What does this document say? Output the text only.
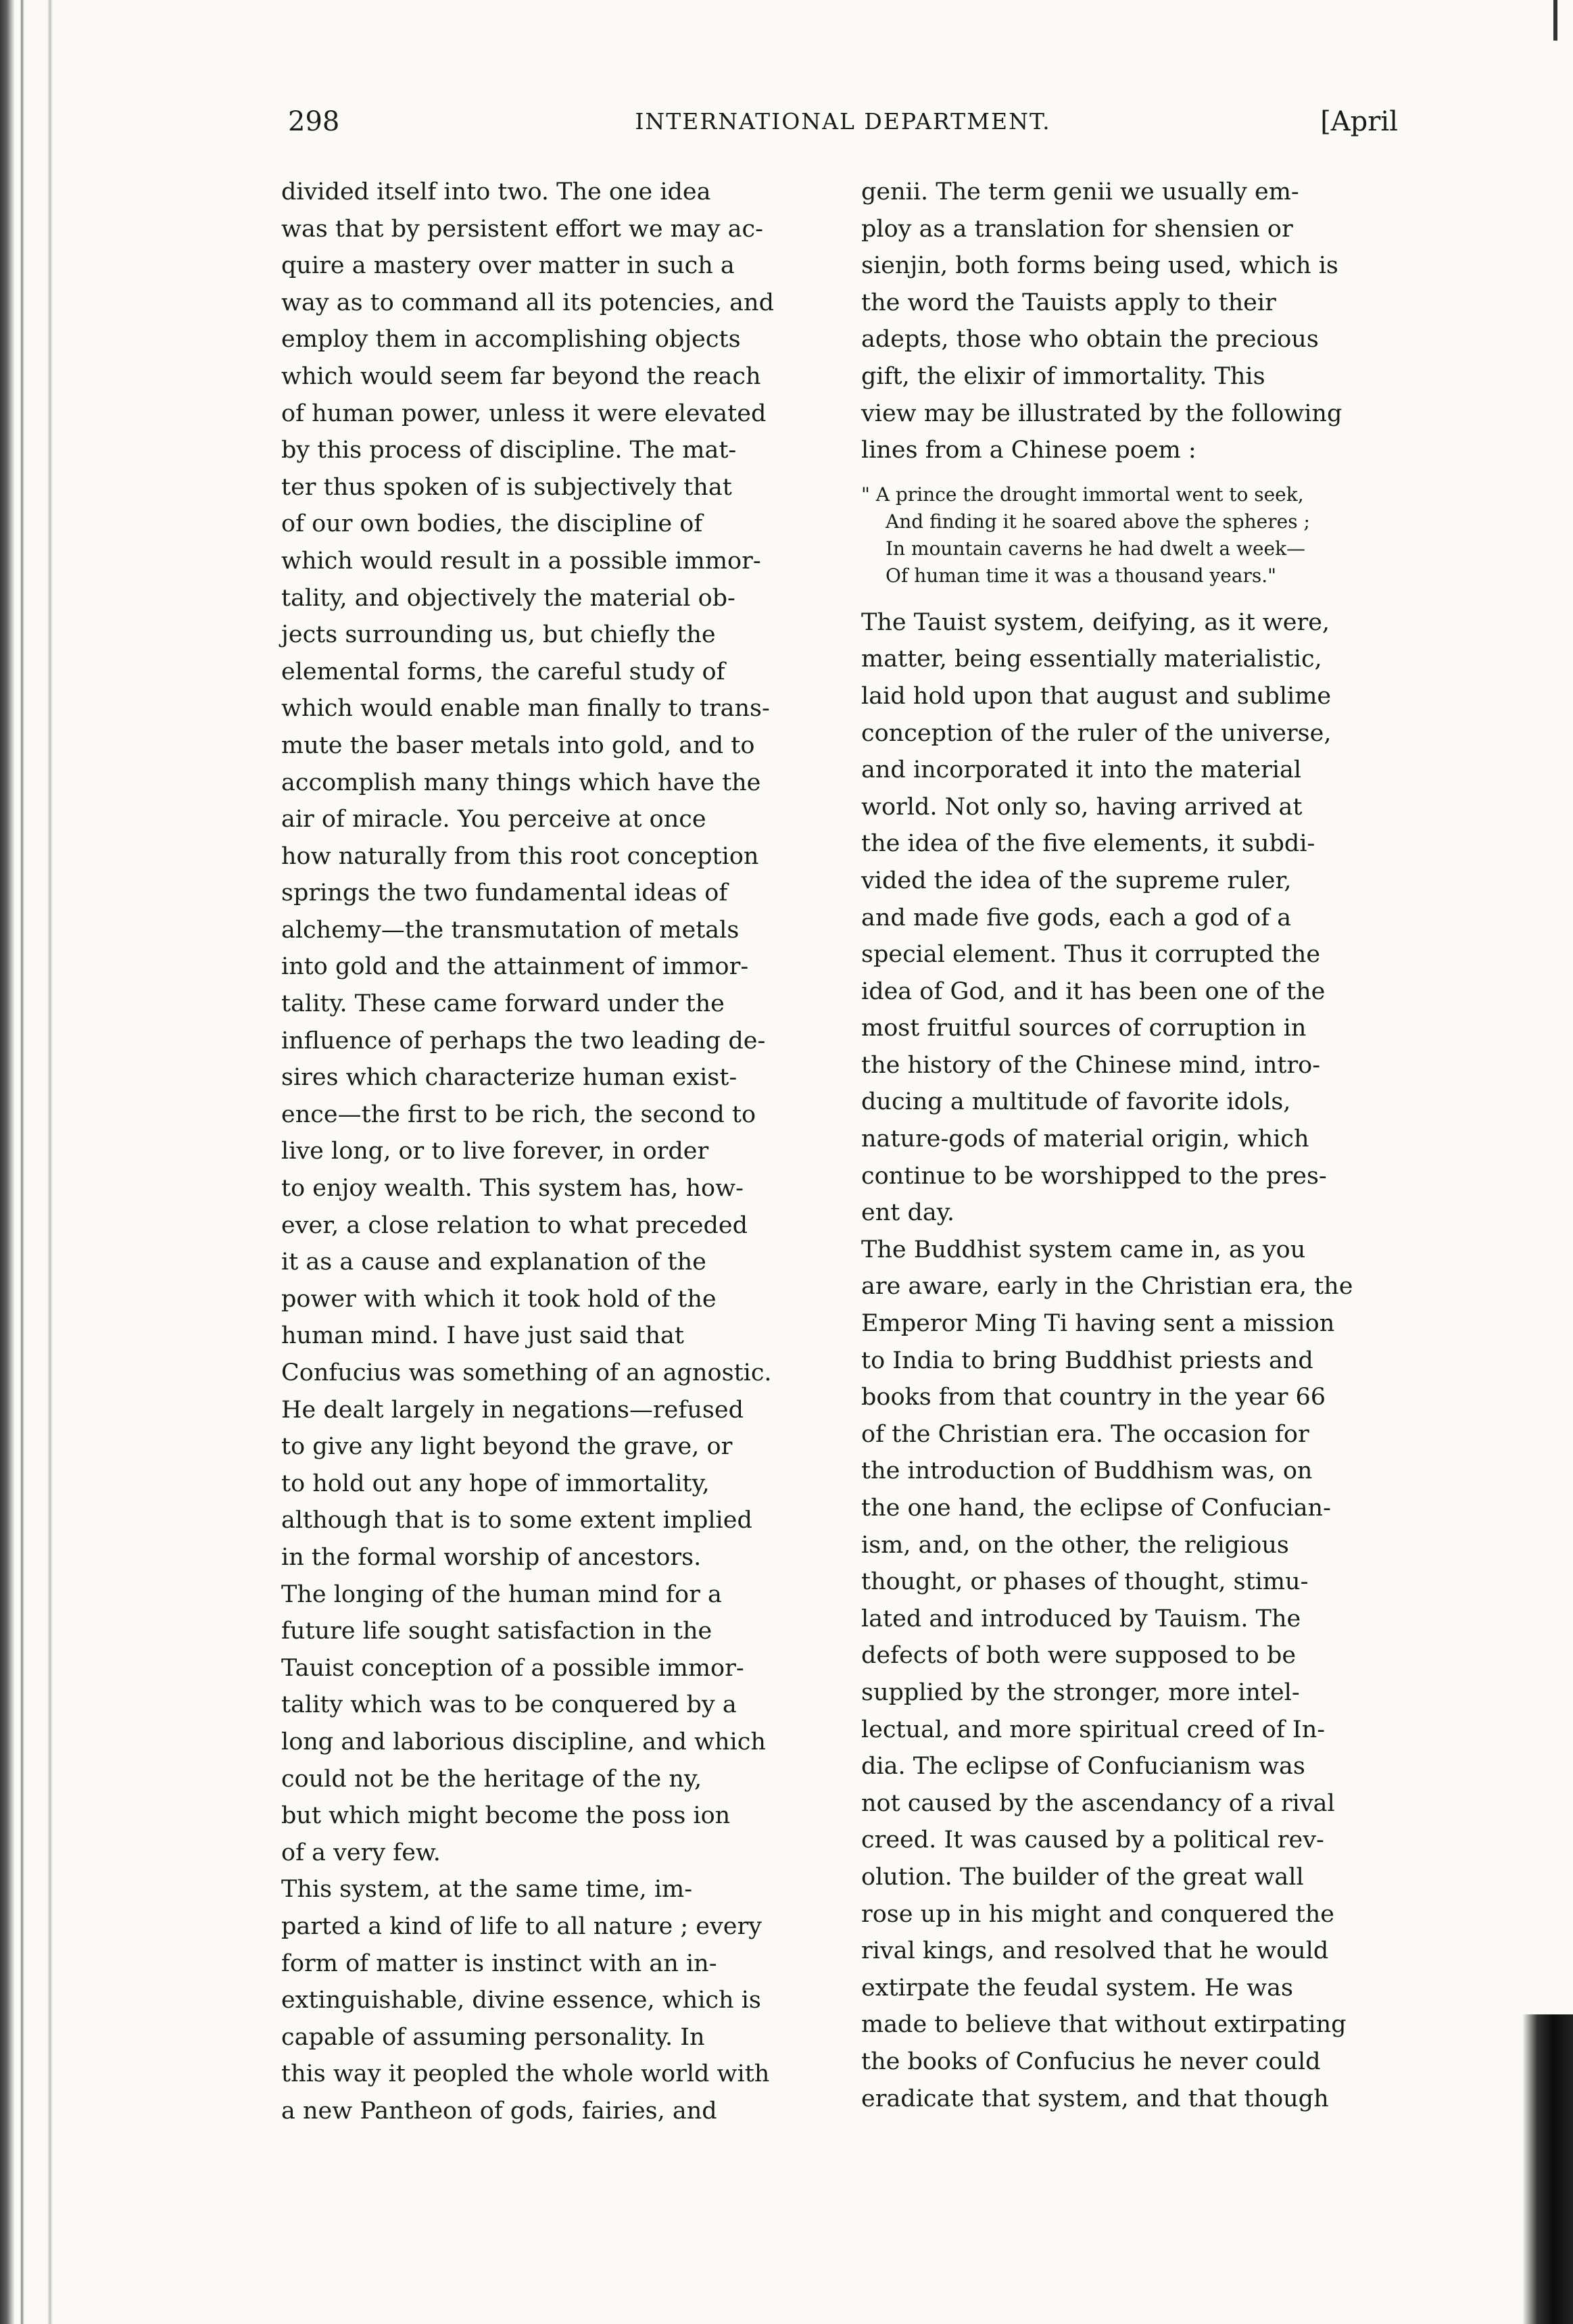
298	INTERNATIONAL DEPARTMENT.	[April
divided itself into two. The one idea
was that by persistent effort we may ac-
quire a mastery over matter in such a
way as to command all its potencies, and
employ them in accomplishing objects
which would seem far beyond the reach
of human power, unless it were elevated
by this process of discipline. The mat-
ter thus spoken of is subjectively that
of our own bodies, the discipline of
which would result in a possible immor-
tality, and objectively the material ob-
jects surrounding us, but chiefly the
elemental forms, the careful study of
which would enable man finally to trans-
mute the baser metals into gold, and to
accomplish many things which have the
air of miracle. You perceive at once
how naturally from this root conception
springs the two fundamental ideas of
alchemy—the transmutation of metals
into gold and the attainment of immor-
tality. These came forward under the
influence of perhaps the two leading de-
sires which characterize human exist-
ence—the first to be rich, the second to
live long, or to live forever, in order
to enjoy wealth. This system has, how-
ever, a close relation to what preceded
it as a cause and explanation of the
power with which it took hold of the
human mind. I have just said that
Confucius was something of an agnostic.
He dealt largely in negations—refused
to give any light beyond the grave, or
to hold out any hope of immortality,
although that is to some extent implied
in the formal worship of ancestors.
The longing of the human mind for a
future life sought satisfaction in the
Tauist conception of a possible immor-
tality which was to be conquered by a
long and laborious discipline, and which
could not be the heritage of the ny,
but which might become the poss ion
of a very few.
This system, at the same time, im-
parted a kind of life to all nature ; every
form of matter is instinct with an in-
extinguishable, divine essence, which is
capable of assuming personality. In
this way it peopled the whole world with
a new Pantheon of gods, fairies, and
genii. The term genii we usually em-
ploy as a translation for shensien or
sienjin, both forms being used, which is
the word the Tauists apply to their
adepts, those who obtain the precious
gift, the elixir of immortality. This
view may be illustrated by the following
lines from a Chinese poem :
" A prince the drought immortal went to seek,
And finding it he soared above the spheres ;
In mountain caverns he had dwelt a week—
Of human time it was a thousand years."
The Tauist system, deifying, as it were,
matter, being essentially materialistic,
laid hold upon that august and sublime
conception of the ruler of the universe,
and incorporated it into the material
world. Not only so, having arrived at
the idea of the five elements, it subdi-
vided the idea of the supreme ruler,
and made five gods, each a god of a
special element. Thus it corrupted the
idea of God, and it has been one of the
most fruitful sources of corruption in
the history of the Chinese mind, intro-
ducing a multitude of favorite idols,
nature-gods of material origin, which
continue to be worshipped to the pres-
ent day.
The Buddhist system came in, as you
are aware, early in the Christian era, the
Emperor Ming Ti having sent a mission
to India to bring Buddhist priests and
books from that country in the year 66
of the Christian era. The occasion for
the introduction of Buddhism was, on
the one hand, the eclipse of Confucian-
ism, and, on the other, the religious
thought, or phases of thought, stimu-
lated and introduced by Tauism. The
defects of both were supposed to be
supplied by the stronger, more intel-
lectual, and more spiritual creed of In-
dia. The eclipse of Confucianism was
not caused by the ascendancy of a rival
creed. It was caused by a political rev-
olution. The builder of the great wall
rose up in his might and conquered the
rival kings, and resolved that he would
extirpate the feudal system. He was
made to believe that without extirpating
the books of Confucius he never could
eradicate that system, and that though
